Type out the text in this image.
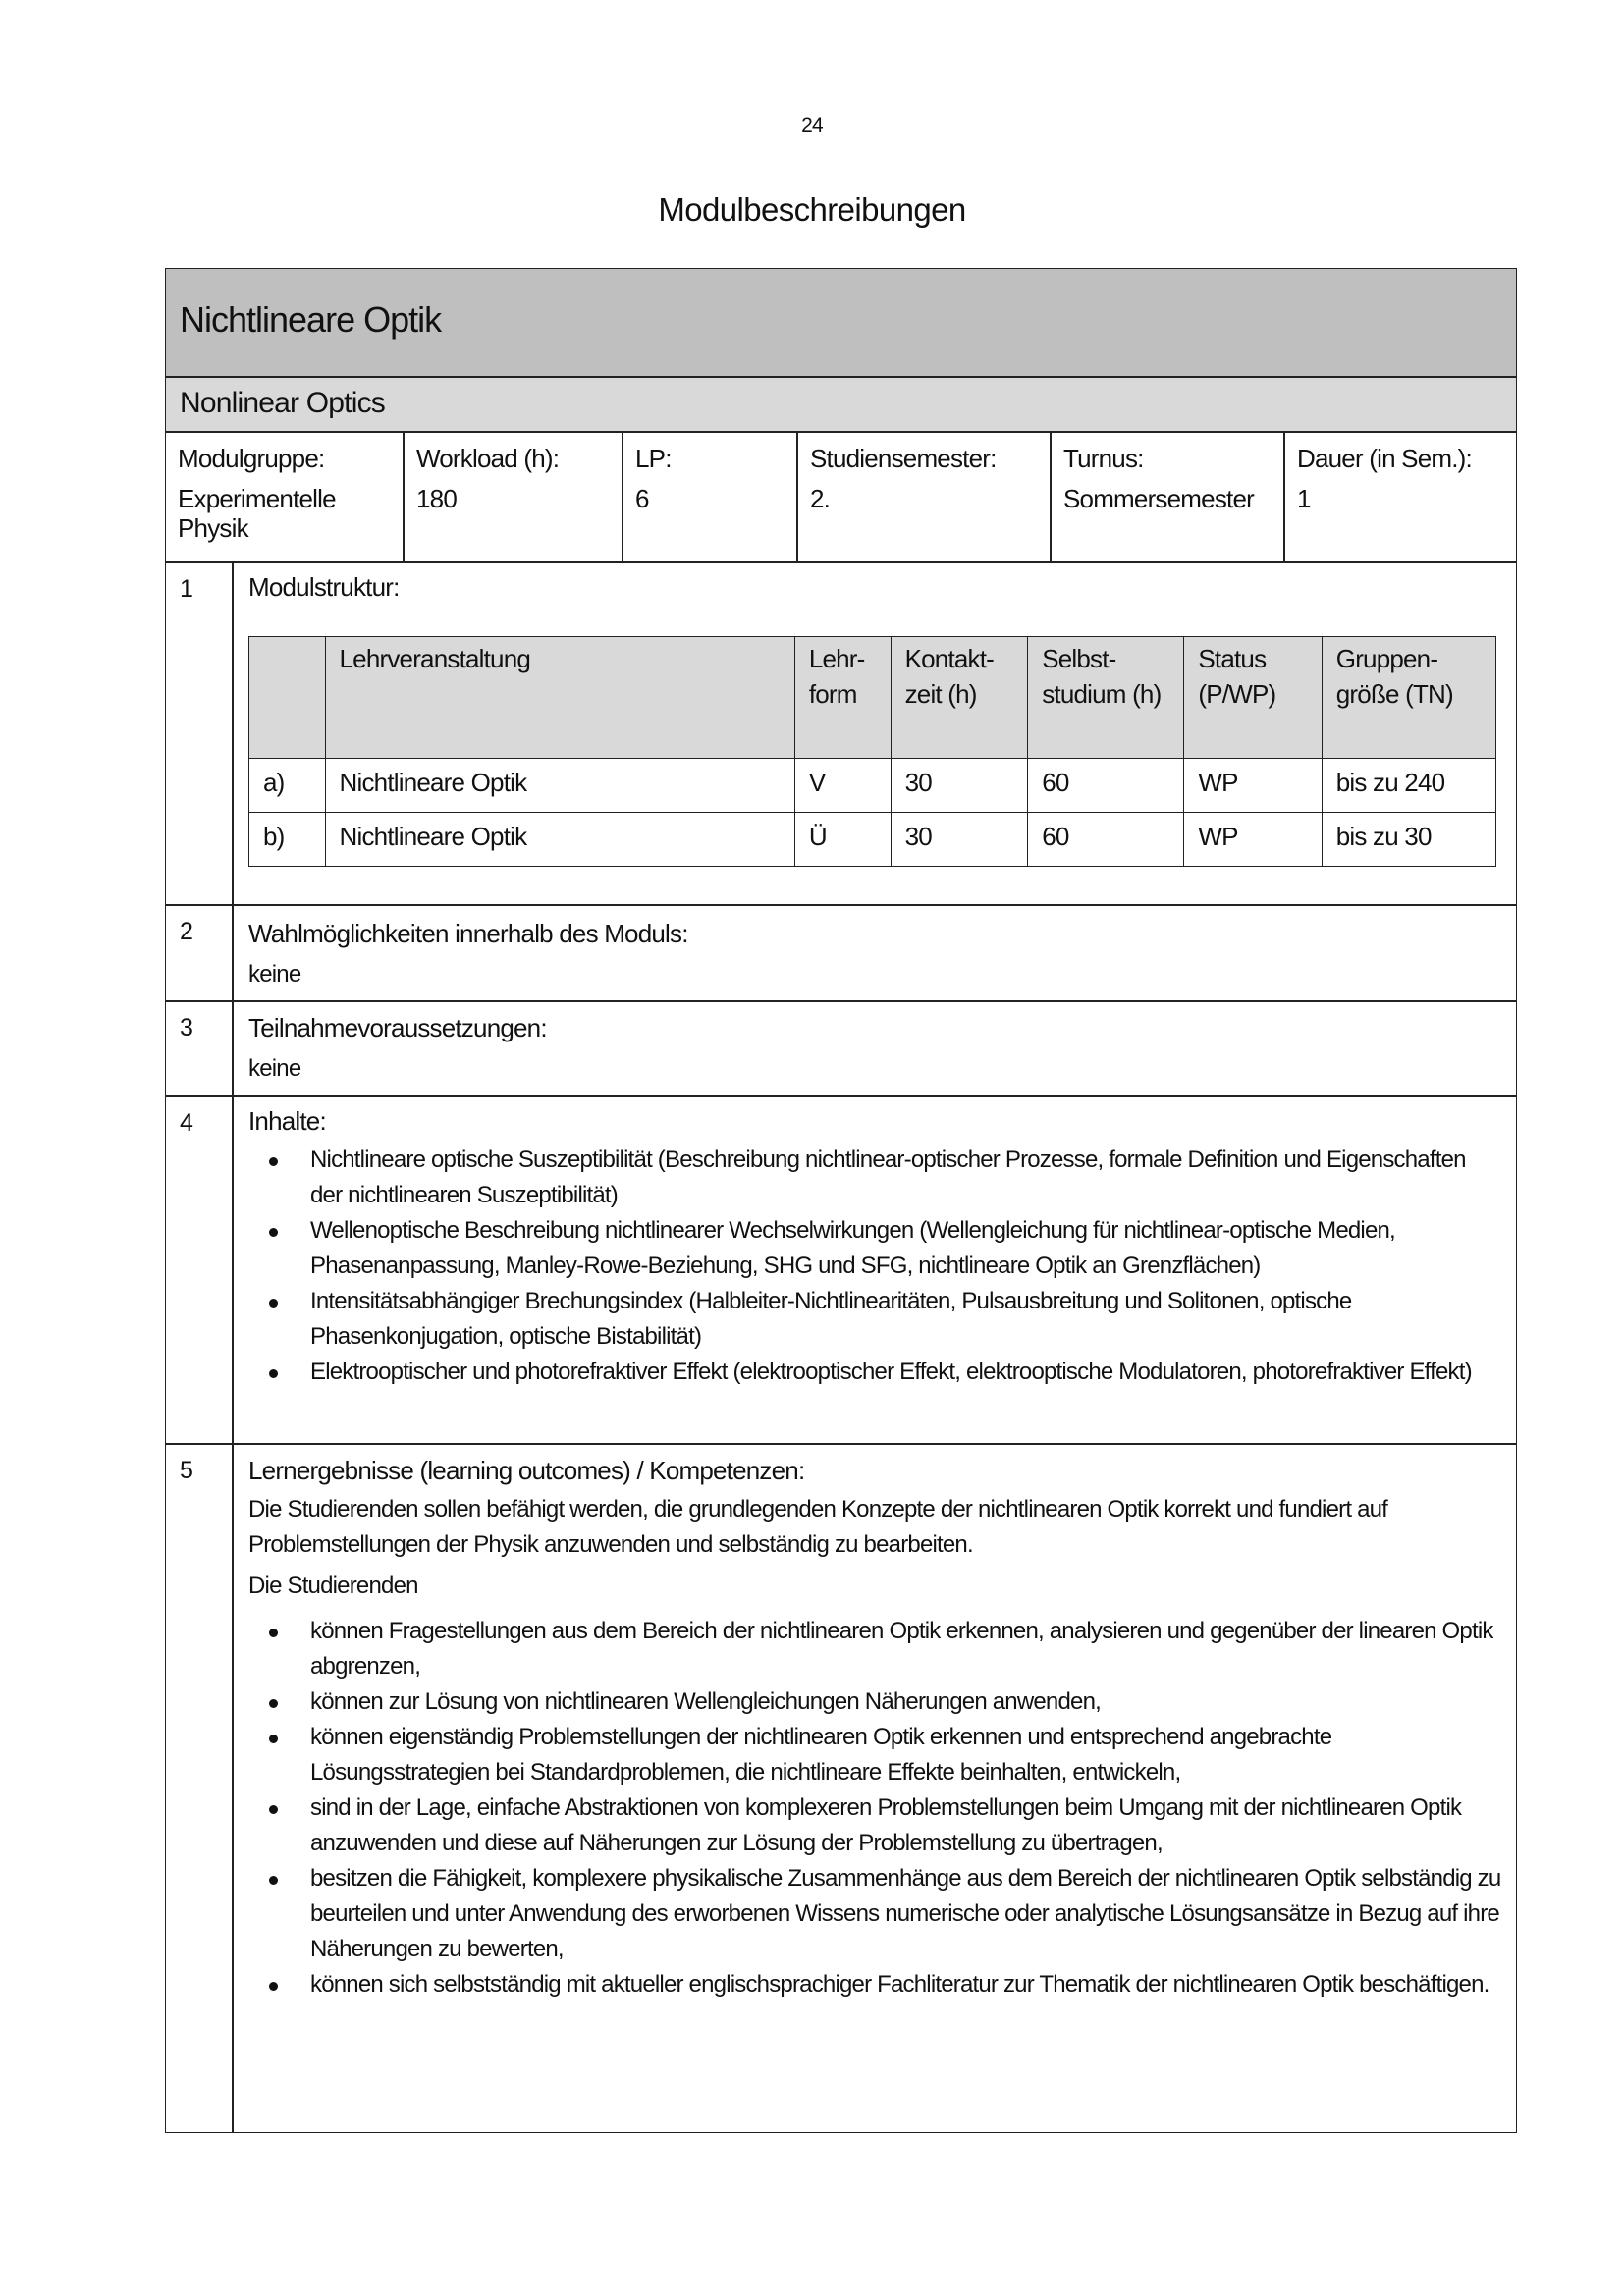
24
Modulbeschreibungen
Nichtlineare Optik
Nonlinear Optics
Modulgruppe:
Experimentelle Physik
Workload (h):
180
LP:
6
Studiensemester:
2.
Turnus:
Sommersemester
Dauer (in Sem.):
1
1	Modulstruktur:
	Lehrveranstaltung	Lehr-form	Kontakt-zeit (h)	Selbst-studium (h)	Status (P/WP)	Gruppen-größe (TN)
a)	Nichtlineare Optik	V	30	60	WP	bis zu 240
b)	Nichtlineare Optik	Ü	30	60	WP	bis zu 30
2	Wahlmöglichkeiten innerhalb des Moduls:
keine
3	Teilnahmevoraussetzungen:
keine
4	Inhalte:
Nichtlineare optische Suszeptibilität (Beschreibung nichtlinear-optischer Prozesse, formale Definition und Eigenschaften der nichtlinearen Suszeptibilität)
Wellenoptische Beschreibung nichtlinearer Wechselwirkungen (Wellengleichung für nichtlinear-optische Medien, Phasenanpassung, Manley-Rowe-Beziehung, SHG und SFG, nichtlineare Optik an Grenzflächen)
Intensitätsabhängiger Brechungsindex (Halbleiter-Nichtlinearitäten, Pulsausbreitung und Solitonen, optische Phasenkonjugation, optische Bistabilität)
Elektrooptischer und photorefraktiver Effekt (elektrooptischer Effekt, elektrooptische Modulatoren, photorefraktiver Effekt)
5	Lernergebnisse (learning outcomes) / Kompetenzen:

Die Studierenden sollen befähigt werden, die grundlegenden Konzepte der nichtlinearen Optik korrekt und fundiert auf Problemstellungen der Physik anzuwenden und selbständig zu bearbeiten.

Die Studierenden

können Fragestellungen aus dem Bereich der nichtlinearen Optik erkennen, analysieren und gegenüber der linearen Optik abgrenzen,
können zur Lösung von nichtlinearen Wellengleichungen Näherungen anwenden,
können eigenständig Problemstellungen der nichtlinearen Optik erkennen und entsprechend angebrachte Lösungsstrategien bei Standardproblemen, die nichtlineare Effekte beinhalten, entwickeln,
sind in der Lage, einfache Abstraktionen von komplexeren Problemstellungen beim Umgang mit der nichtlinearen Optik anzuwenden und diese auf Näherungen zur Lösung der Problemstellung zu übertragen,
besitzen die Fähigkeit, komplexere physikalische Zusammenhänge aus dem Bereich der nichtlinearen Optik selbständig zu beurteilen und unter Anwendung des erworbenen Wissens numerische oder analytische Lösungsansätze in Bezug auf ihre Näherungen zu bewerten,
können sich selbstständig mit aktueller englischsprachiger Fachliteratur zur Thematik der nichtlinearen Optik beschäftigen.
